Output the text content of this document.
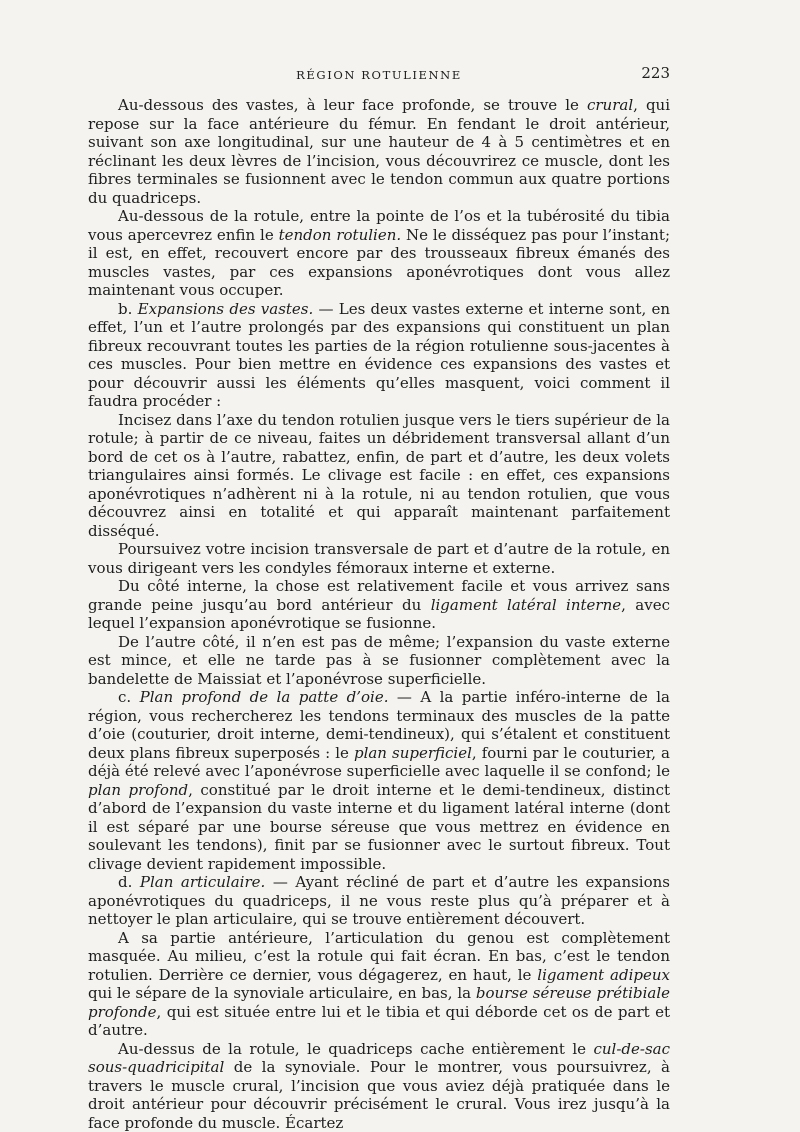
RÉGION ROTULIENNE	223

Au-dessous des vastes, à leur face profonde, se trouve le crural, qui repose sur la face antérieure du fémur. En fendant le droit antérieur, suivant son axe longitudinal, sur une hauteur de 4 à 5 centimètres et en réclinant les deux lèvres de l’incision, vous découvrirez ce muscle, dont les fibres terminales se fusionnent avec le tendon commun aux quatre portions du quadriceps.

Au-dessous de la rotule, entre la pointe de l’os et la tubérosité du tibia vous apercevrez enfin le tendon rotulien. Ne le disséquez pas pour l’instant; il est, en effet, recouvert encore par des trousseaux fibreux émanés des muscles vastes, par ces expansions aponévrotiques dont vous allez maintenant vous occuper.

b. Expansions des vastes. — Les deux vastes externe et interne sont, en effet, l’un et l’autre prolongés par des expansions qui constituent un plan fibreux recouvrant toutes les parties de la région rotulienne sous-jacentes à ces muscles. Pour bien mettre en évidence ces expansions des vastes et pour découvrir aussi les éléments qu’elles masquent, voici comment il faudra procéder :

Incisez dans l’axe du tendon rotulien jusque vers le tiers supérieur de la rotule; à partir de ce niveau, faites un débridement transversal allant d’un bord de cet os à l’autre, rabattez, enfin, de part et d’autre, les deux volets triangulaires ainsi formés. Le clivage est facile : en effet, ces expansions aponévrotiques n’adhèrent ni à la rotule, ni au tendon rotulien, que vous découvrez ainsi en totalité et qui apparaît maintenant parfaitement disséqué.

Poursuivez votre incision transversale de part et d’autre de la rotule, en vous dirigeant vers les condyles fémoraux interne et externe.

Du côté interne, la chose est relativement facile et vous arrivez sans grande peine jusqu’au bord antérieur du ligament latéral interne, avec lequel l’expansion aponévrotique se fusionne.

De l’autre côté, il n’en est pas de même; l’expansion du vaste externe est mince, et elle ne tarde pas à se fusionner complètement avec la bandelette de Maissiat et l’aponévrose superficielle.

c. Plan profond de la patte d’oie. — A la partie inféro-interne de la région, vous rechercherez les tendons terminaux des muscles de la patte d’oie (couturier, droit interne, demi-tendineux), qui s’étalent et constituent deux plans fibreux superposés : le plan superficiel, fourni par le couturier, a déjà été relevé avec l’aponévrose superficielle avec laquelle il se confond; le plan profond, constitué par le droit interne et le demi-tendineux, distinct d’abord de l’expansion du vaste interne et du ligament latéral interne (dont il est séparé par une bourse séreuse que vous mettrez en évidence en soulevant les tendons), finit par se fusionner avec le surtout fibreux. Tout clivage devient rapidement impossible.

d. Plan articulaire. — Ayant récliné de part et d’autre les expansions aponévrotiques du quadriceps, il ne vous reste plus qu’à préparer et à nettoyer le plan articulaire, qui se trouve entièrement découvert.

A sa partie antérieure, l’articulation du genou est complètement masquée. Au milieu, c’est la rotule qui fait écran. En bas, c’est le tendon rotulien. Derrière ce dernier, vous dégagerez, en haut, le ligament adipeux qui le sépare de la synoviale articulaire, en bas, la bourse séreuse prétibiale profonde, qui est située entre lui et le tibia et qui déborde cet os de part et d’autre.

Au-dessus de la rotule, le quadriceps cache entièrement le cul-de-sac sous-quadricipital de la synoviale. Pour le montrer, vous poursuivrez, à travers le muscle crural, l’incision que vous aviez déjà pratiquée dans le droit antérieur pour découvrir précisément le crural. Vous irez jusqu’à la face profonde du muscle. Écartez
